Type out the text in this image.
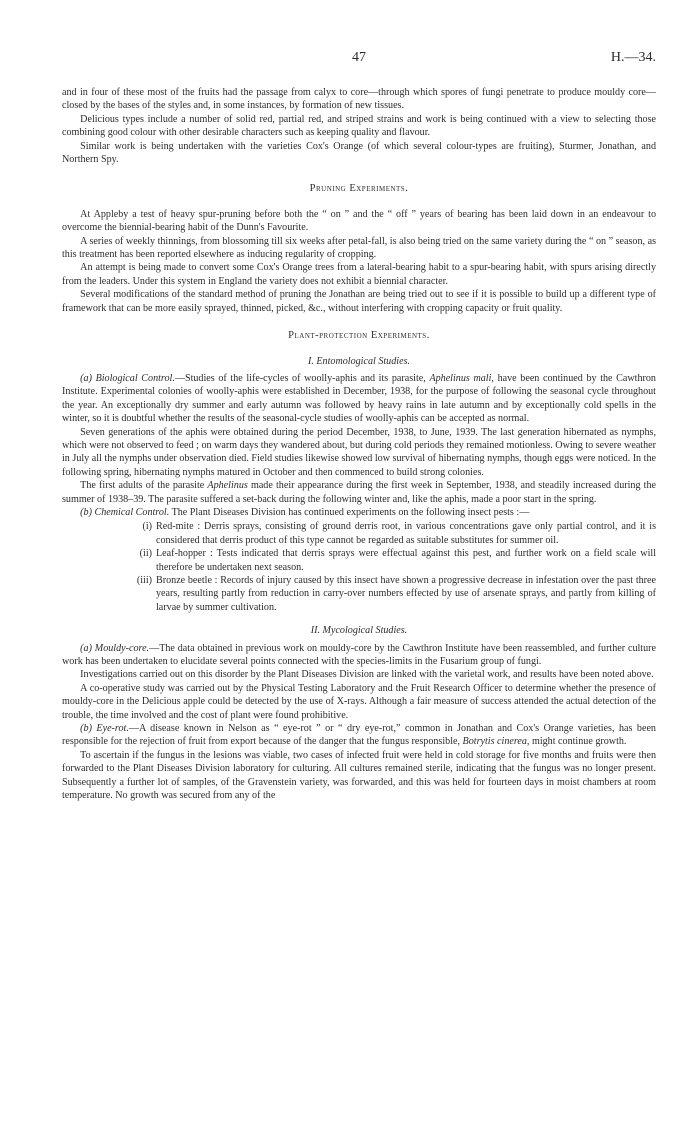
47	H.—34.

and in four of these most of the fruits had the passage from calyx to core—through which spores of fungi penetrate to produce mouldy core—closed by the bases of the styles and, in some instances, by formation of new tissues.

Delicious types include a number of solid red, partial red, and striped strains and work is being continued with a view to selecting those combining good colour with other desirable characters such as keeping quality and flavour.

Similar work is being undertaken with the varieties Cox's Orange (of which several colour-types are fruiting), Sturmer, Jonathan, and Northern Spy.

Pruning Experiments.

At Appleby a test of heavy spur-pruning before both the “ on ” and the “ off ” years of bearing has been laid down in an endeavour to overcome the biennial-bearing habit of the Dunn's Favourite.

A series of weekly thinnings, from blossoming till six weeks after petal-fall, is also being tried on the same variety during the “ on ” season, as this treatment has been reported elsewhere as inducing regularity of cropping.

An attempt is being made to convert some Cox's Orange trees from a lateral-bearing habit to a spur-bearing habit, with spurs arising directly from the leaders. Under this system in England the variety does not exhibit a biennial character.

Several modifications of the standard method of pruning the Jonathan are being tried out to see if it is possible to build up a different type of framework that can be more easily sprayed, thinned, picked, &c., without interfering with cropping capacity or fruit quality.

Plant-protection Experiments.
I. Entomological Studies.

(a) Biological Control.—Studies of the life-cycles of woolly-aphis and its parasite, Aphelinus mali, have been continued by the Cawthron Institute. Experimental colonies of woolly-aphis were established in December, 1938, for the purpose of following the seasonal cycle throughout the year. An exceptionally dry summer and early autumn was followed by heavy rains in late autumn and by exceptionally cold spells in the winter, so it is doubtful whether the results of the seasonal-cycle studies of woolly-aphis can be accepted as normal.

Seven generations of the aphis were obtained during the period December, 1938, to June, 1939. The last generation hibernated as nymphs, which were not observed to feed ; on warm days they wandered about, but during cold periods they remained motionless. Owing to severe weather in July all the nymphs under observation died. Field studies likewise showed low survival of hibernating nymphs, though eggs were noticed. In the following spring, hibernating nymphs matured in October and then commenced to build strong colonies.

The first adults of the parasite Aphelinus made their appearance during the first week in September, 1938, and steadily increased during the summer of 1938–39. The parasite suffered a set-back during the following winter and, like the aphis, made a poor start in the spring.

(b) Chemical Control. The Plant Diseases Division has continued experiments on the following insect pests :—

(i) Red-mite : Derris sprays, consisting of ground derris root, in various concentrations gave only partial control, and it is considered that derris product of this type cannot be regarded as suitable substitutes for summer oil.
(ii) Leaf-hopper : Tests indicated that derris sprays were effectual against this pest, and further work on a field scale will therefore be undertaken next season.
(iii) Bronze beetle : Records of injury caused by this insect have shown a progressive decrease in infestation over the past three years, resulting partly from reduction in carry-over numbers effected by use of arsenate sprays, and partly from killing of larvae by summer cultivation.
II. Mycological Studies.

(a) Mouldy-core.—The data obtained in previous work on mouldy-core by the Cawthron Institute have been reassembled, and further culture work has been undertaken to elucidate several points connected with the species-limits in the Fusarium group of fungi.

Investigations carried out on this disorder by the Plant Diseases Division are linked with the varietal work, and results have been noted above.

A co-operative study was carried out by the Physical Testing Laboratory and the Fruit Research Officer to determine whether the presence of mouldy-core in the Delicious apple could be detected by the use of X-rays. Although a fair measure of success attended the actual detection of the trouble, the time involved and the cost of plant were found prohibitive.

(b) Eye-rot.—A disease known in Nelson as “ eye-rot ” or “ dry eye-rot,” common in Jonathan and Cox's Orange varieties, has been responsible for the rejection of fruit from export because of the danger that the fungus responsible, Botrytis cinerea, might continue growth.

To ascertain if the fungus in the lesions was viable, two cases of infected fruit were held in cold storage for five months and fruits were then forwarded to the Plant Diseases Division laboratory for culturing. All cultures remained sterile, indicating that the fungus was no longer present. Subsequently a further lot of samples, of the Gravenstein variety, was forwarded, and this was held for fourteen days in moist chambers at room temperature. No growth was secured from any of the
